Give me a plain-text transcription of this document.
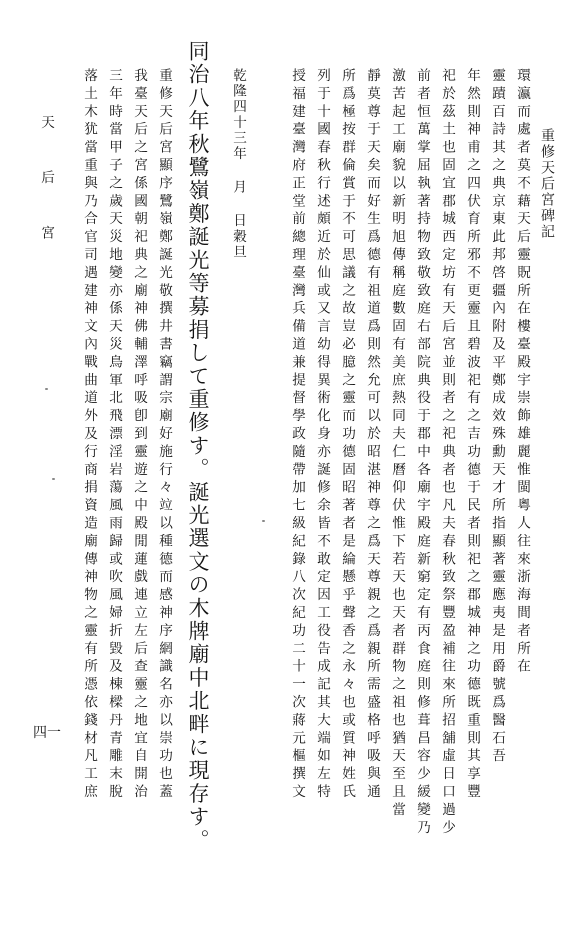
重修天后宮碑記

環瀛而處者莫不藉天后靈貺所在樓臺殿宇崇飾雄麗惟閩粵人往來浙海間者所在

靈蹟百詩其之典京東此邦啓疆內附及平鄭成效殊勳天才所指顯著靈應夷是用爵號爲醫石吾

年然則神甫之四伏育所邪不更靈且碧波祀有之吉功德于民者則祀之郡城神之功德既重則其享豐

祀於茲土也固宜郡城西定坊有天后宮並則者之祀典者也凡夫春秋致祭豐盈補往來所招舖虛日口過少

前者恒萬掌屈執著持物致敬致庭右部院典役于郡中各廟宇殿庭新窮定有丙食庭則修葺昌容少緩變乃

激苦起工廟貌以新明旭傳稱庭數固有美庶熱同夫仁曆仰伏惟下若天也天者群物之祖也猶天至且當

靜莫尊于天矣而好生爲德有祖道爲則然允可以於昭湛神尊之爲天尊親之爲親所需盛格呼吸與通

所爲極按群倫賞于不可思議之故豈必臆之靈而功德固昭著者是綸懸乎聲香之永々也或質神姓氏

列于十國春秋行述頗近於仙或又言幼得異術化身亦誕修余皆不敢定因工役告成記其大端如左特

授福建臺灣府正堂前總理臺灣兵備道兼提督學政隨帶加七級紀錄八次紀功二十一次蔣元樞撰文

乾隆四十三年月日穀旦

同治八年秋鷺嶺鄭誕光等募捐して重修す。誕光選文の木牌廟中北畔に現存す。

重修天后宮顯序鷺嶺鄭誕光敬撰井書竊謂宗廟好施行々竝以種德而感神序網識名亦以崇功也蓋

我臺天后之宮係國朝祀典之廟神佛輔澤呼吸卽到靈遊之中殿閒蓮戲連立左后查靈之地宜自開治

三年時當甲子之歲天災地變亦係天災鳥軍北飛漂淫岩蕩風雨歸或吹風婦折毀及棟樑丹青雕末脫

落土木犹當重與乃合官司遇建神文內戰曲道外及行商捐資造廟傳神物之靈有所憑依錢材凡工庶

天　后　宮

四一
